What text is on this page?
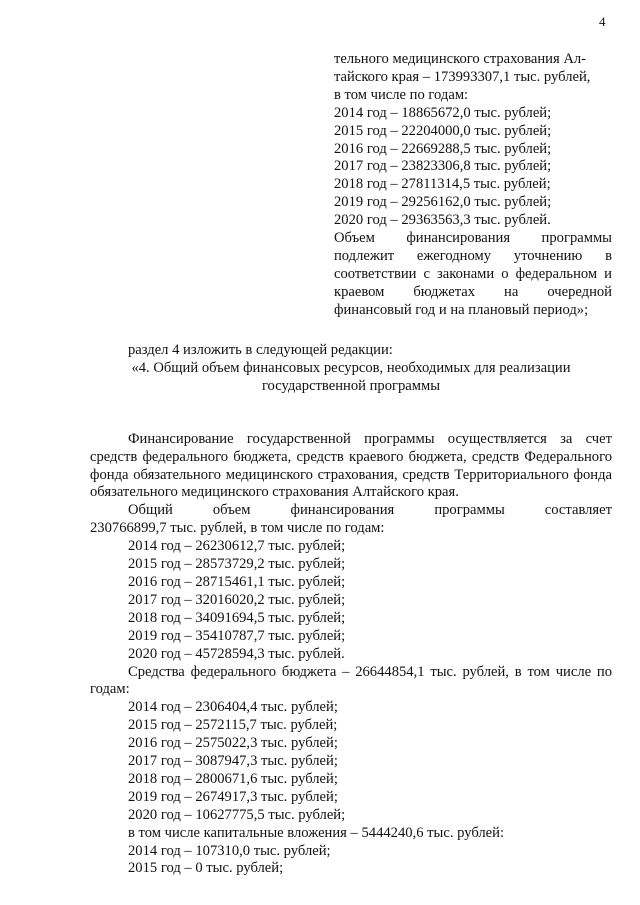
4
тельного медицинского страхования Ал-
тайского края – 173993307,1 тыс. рублей,
в том числе по годам:
2014 год – 18865672,0 тыс. рублей;
2015 год – 22204000,0 тыс. рублей;
2016 год – 22669288,5 тыс. рублей;
2017 год – 23823306,8 тыс. рублей;
2018 год – 27811314,5 тыс. рублей;
2019 год – 29256162,0 тыс. рублей;
2020 год – 29363563,3 тыс. рублей.
Объем финансирования программы подлежит ежегодному уточнению в соответствии с законами о федеральном и краевом бюджетах на очередной финансовый год и на плановый период»;
раздел 4 изложить в следующей редакции:
«4. Общий объем финансовых ресурсов, необходимых для реализации государственной программы
Финансирование государственной программы осуществляется за счет средств федерального бюджета, средств краевого бюджета, средств Федерального фонда обязательного медицинского страхования, средств Территориального фонда обязательного медицинского страхования Алтайского края.
Общий	объем	финансирования	программы	составляет
230766899,7 тыс. рублей, в том числе по годам:
2014 год – 26230612,7 тыс. рублей;
2015 год – 28573729,2 тыс. рублей;
2016 год – 28715461,1 тыс. рублей;
2017 год – 32016020,2 тыс. рублей;
2018 год – 34091694,5 тыс. рублей;
2019 год – 35410787,7 тыс. рублей;
2020 год – 45728594,3 тыс. рублей.
Средства федерального бюджета – 26644854,1 тыс. рублей, в том числе по годам:
2014 год – 2306404,4 тыс. рублей;
2015 год – 2572115,7 тыс. рублей;
2016 год – 2575022,3 тыс. рублей;
2017 год – 3087947,3 тыс. рублей;
2018 год – 2800671,6 тыс. рублей;
2019 год – 2674917,3 тыс. рублей;
2020 год – 10627775,5 тыс. рублей;
в том числе капитальные вложения – 5444240,6 тыс. рублей:
2014 год – 107310,0 тыс. рублей;
2015 год – 0 тыс. рублей;
